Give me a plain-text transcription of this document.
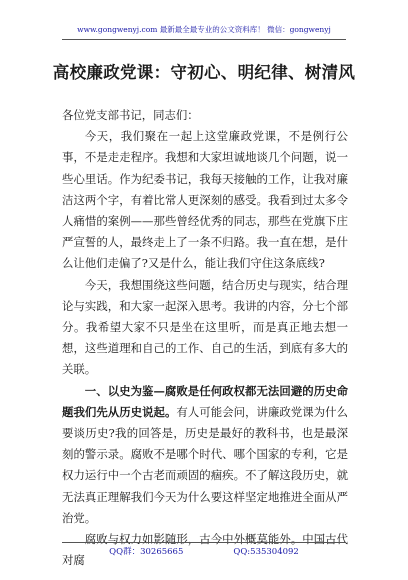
www.gongwenyj.com 最新最全最专业的公文资料库！ 微信：gongwenyj
高校廉政党课：守初心、明纪律、树清风

各位党支部书记，同志们：

今天，我们聚在一起上这堂廉政党课，不是例行公事，不是走走程序。我想和大家坦诚地谈几个问题，说一些心里话。作为纪委书记，我每天接触的工作，让我对廉洁这两个字，有着比常人更深刻的感受。我看到过太多令人痛惜的案例——那些曾经优秀的同志，那些在党旗下庄严宣誓的人，最终走上了一条不归路。我一直在想，是什么让他们走偏了?又是什么，能让我们守住这条底线?

今天，我想围绕这些问题，结合历史与现实，结合理论与实践，和大家一起深入思考。我讲的内容，分七个部分。我希望大家不只是坐在这里听，而是真正地去想一想，这些道理和自己的工作、自己的生活，到底有多大的关联。

一、以史为鉴—腐败是任何政权都无法回避的历史命题我们先从历史说起。有人可能会问，讲廉政党课为什么要谈历史?我的回答是，历史是最好的教科书，也是最深刻的警示录。腐败不是哪个时代、哪个国家的专利，它是权力运行中一个古老而顽固的痼疾。不了解这段历史，就无法真正理解我们今天为什么要这样坚定地推进全面从严治党。

腐败与权力如影随形，古今中外概莫能外。中国古代对腐

QQ群：30265665	QQ:535304092
